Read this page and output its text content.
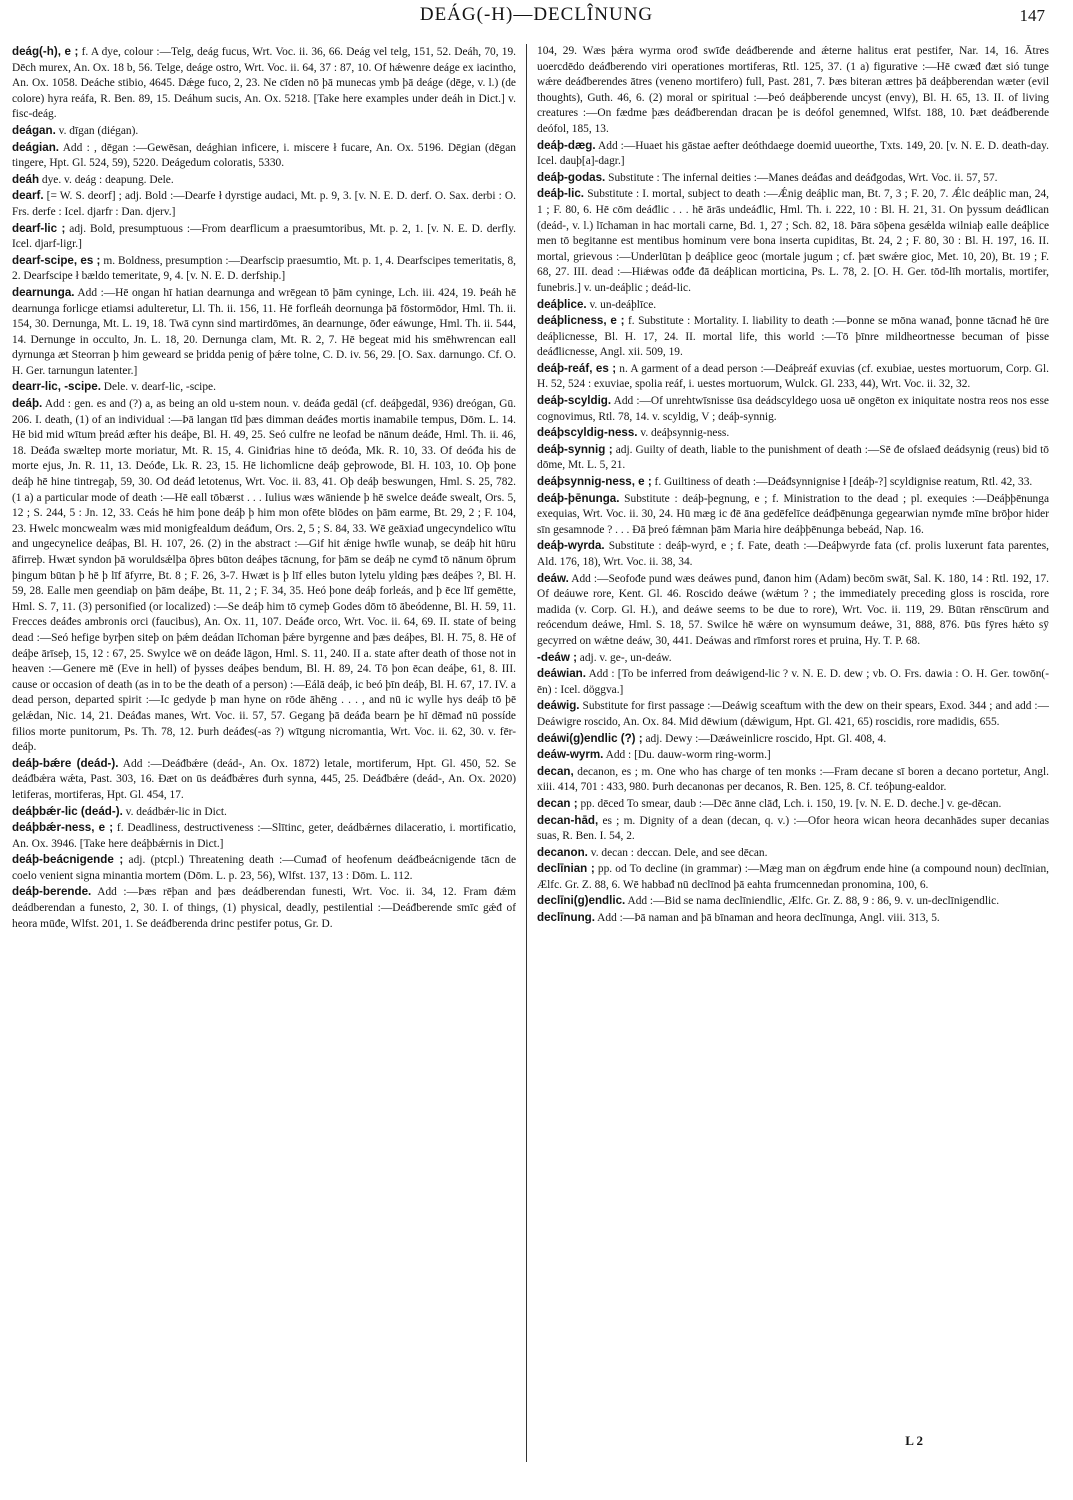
DEÁG(-H)—DECLÎNUNG	147

deág(-h), e ; f. A dye, colour :—Telg, deág fucus, Wrt. Voc. ii. 36, 66. Deág vel telg, 151, 52. Deáh, 70, 19. Dēch murex, An. Ox. 18 b, 56. Telge, deáge ostro, Wrt. Voc. ii. 64, 37 : 87, 10. Of hǽwenre deáge ex iacintho, An. Ox. 1058. Deáche stibio, 4645. Dǽge fuco, 2, 23. Ne cīden nō þā munecas ymb þā deáge (dēge, v. l.) (de colore) hyra reáfa, R. Ben. 89, 15. Deáhum sucis, An. Ox. 5218. [Take here examples under deáh in Dict.] v. fisc-deág.

deágan. v. dīgan (diégan).

deágian. Add : , dēgan :—Gewēsan, deághian inficere, i. miscere ł fucare, An. Ox. 5196. Dēgian (dēgan tingere, Hpt. Gl. 524, 59), 5220. Deágedum coloratis, 5330.

deáh dye. v. deág : deapung. Dele.

dearf. [= W. S. deorf] ; adj. Bold :—Dearfe ł dyrstige audaci, Mt. p. 9, 3. [v. N. E. D. derf. O. Sax. derbi : O. Frs. derfe : Icel. djarfr : Dan. djerv.]

dearf-lic ; adj. Bold, presumptuous :—From dearflicum a praesumtoribus, Mt. p. 2, 1. [v. N. E. D. derfly. Icel. djarf-ligr.]

dearf-scipe, es ; m. Boldness, presumption :—Dearfscip praesumtio, Mt. p. 1, 4. Dearfscipes temeritatis, 8, 2. Dearfscipe ł bældo temeritate, 9, 4. [v. N. E. D. derfship.]

dearnunga. Add :—Hē ongan hī hatian dearnunga and wrēgean tō þām cyninge, Lch. iii. 424, 19. Þeáh hē dearnunga forlicge etiamsi adulteretur, Ll. Th. ii. 156, 11. Hē forfleáh deornunga þā fōstormōdor, Hml. Th. ii. 154, 30. Dernunga, Mt. L. 19, 18. Twā cynn sind martirdōmes, ān dearnunge, ōđer eáwunge, Hml. Th. ii. 544, 14. Dernunge in occulto, Jn. L. 18, 20. Dernunga clam, Mt. R. 2, 7. Hē begeat mid his smēhwrencan eall dyrnunga æt Steorran þ him geweard se þridda penig of þǽre tolne, C. D. iv. 56, 29. [O. Sax. darnungo. Cf. O. H. Ger. tarnungun latenter.]

dearr-lic, -scipe. Dele. v. dearf-lic, -scipe.

deáþ. Add : gen. es and (?) a, as being an old u-stem noun. v. deáđa gedāl (cf. deáþgedāl, 936) dreógan, Gū. 206. I. death, (1) of an individual :—Þā langan tīd þæs dimman deáđes mortis inamabile tempus, Dōm. L. 14. Hē bid mid wītum þreád æfter his deáþe, Bl. H. 49, 25. Seó culfre ne leofad be nānum deáđe, Hml. Th. ii. 46, 18. Deáđa swæltep morte moriatur, Mt. R. 15, 4. Giniđrias hine tō deóđa, Mk. R. 10, 33. Of deóđa his de morte ejus, Jn. R. 11, 13. Deóđe, Lk. R. 23, 15. Hē lichomlicne deáþ geþrowode, Bl. H. 103, 10. Oþ þone deáþ hē hine tintregaþ, 59, 30. Ođ deáđ letotenus, Wrt. Voc. ii. 83, 41. Oþ deáþ beswungen, Hml. S. 25, 782. (1 a) a particular mode of death :—Hē eall tōbærst . . . Iulius wæs wāniende þ hē swelce deáđe swealt, Ors. 5, 12 ; S. 244, 5 : Jn. 12, 33. Ceás hē him þone deáþ þ him mon ofēte blōdes on þām earme, Bt. 29, 2 ; F. 104, 23. Hwelc moncwealm wæs mid monigfealdum deáđum, Ors. 2, 5 ; S. 84, 33. Wē geāxiađ ungecyndelico wītu and ungecynelice deáþas, Bl. H. 107, 26. (2) in the abstract :—Gif hit ǽnige hwīle wunaþ, se deáþ hit hūru āfirreþ. Hwæt syndon þā woruldsǽlþa ōþres būton deáþes tācnung, for þām se deáþ ne cymđ tō nānum ōþrum þingum būtan þ hē þ līf āfyrre, Bt. 8 ; F. 26, 3-7. Hwæt is þ līf elles buton lytelu ylding þæs deáþes ?, Bl. H. 59, 28. Ealle men geendiaþ on þām deáþe, Bt. 11, 2 ; F. 34, 35. Heó þone deáþ forleás, and þ ēce līf gemētte, Hml. S. 7, 11. (3) personified (or localized) :—Se deáþ him tō cymeþ Godes dōm tō ābeódenne, Bl. H. 59, 11. Frecces deáđes ambronis orci (faucibus), An. Ox. 11, 107. Deáđe orco, Wrt. Voc. ii. 64, 69. II. state of being dead :—Seó hefige byrþen siteþ on þǽm deádan līchoman þǽre byrgenne and þæs deáþes, Bl. H. 75, 8. Hē of deáþe ārīseþ, 15, 12 : 67, 25. Swylce wē on deáđe lāgon, Hml. S. 11, 240. II a. state after death of those not in heaven :—Genere mē (Eve in hell) of þysses deáþes bendum, Bl. H. 89, 24. Tō þon ēcan deáþe, 61, 8. III. cause or occasion of death (as in to be the death of a person) :—Eálā deáþ, ic beó þīn deáþ, Bl. H. 67, 17. IV. a dead person, departed spirit :—Ic gedyde þ man hyne on rōde āhēng . . . , and nū ic wylle hys deáþ tō þē gelǽdan, Nic. 14, 21. Deáđas manes, Wrt. Voc. ii. 57, 57. Gegang þā deáđa bearn þe hī dēmađ nū possíde filios morte punitorum, Ps. Th. 78, 12. Þurh deáđes(-as ?) wītgung nicromantia, Wrt. Voc. ii. 62, 30. v. fēr-deáþ.

deáþ-bǽre (deád-). Add :—Deáđbǽre (deád-, An. Ox. 1872) letale, mortiferum, Hpt. Gl. 450, 52. Se deáđbǽra wǽta, Past. 303, 16. Đæt on ūs deáđbǽres đurh synna, 445, 25. Deáđbǽre (deád-, An. Ox. 2020) letiferas, mortiferas, Hpt. Gl. 454, 17.

deáþbǽr-lic (deád-). v. deádbǽr-lic in Dict.

deáþbǽr-ness, e ; f. Deadliness, destructiveness :—Slītinc, geter, deádbǽrnes dilaceratio, i. mortificatio, An. Ox. 3946. [Take here deáþbǽrnis in Dict.]

deáþ-beácnigende ; adj. (ptcpl.) Threatening death :—Cumađ of heofenum deáđbeácnigende tācn de coelo venient signa minantia mortem (Dōm. L. p. 23, 56), Wlfst. 137, 13 : Dōm. L. 112.

deáþ-berende. Add :—Þæs rēþan and þæs deádberendan funesti, Wrt. Voc. ii. 34, 12. Fram đǽm deádberendan a funesto, 2, 30. I. of things, (1) physical, deadly, pestilential :—Deáđberende smīc gǽđ of heora mūđe, Wlfst. 201, 1. Se deáđberenda drinc pestifer potus, Gr. D.

104, 29. Wæs þǽra wyrma orođ swīđe deáđberende and ǽterne halitus erat pestifer, Nar. 14, 16. Ātres uoercdēdo deáđberendo viri operationes mortiferas, Rtl. 125, 37. (1 a) figurative :—Hē cwæđ đæt sió tunge wǽre deáđberendes ātres (veneno mortifero) full, Past. 281, 7. Þæs biteran ættres þā deáþberendan wæter (evil thoughts), Guth. 46, 6. (2) moral or spiritual :—Þeó deáþberende uncyst (envy), Bl. H. 65, 13. II. of living creatures :—On fædme þæs deáđberendan dracan þe is deófol genemned, Wlfst. 188, 10. Þæt deáđberende deófol, 185, 13.

deáþ-dæg. Add :—Huaet his gāstae aefter deóthdaege doemid uueorthe, Txts. 149, 20. [v. N. E. D. death-day. Icel. dauþ[a]-dagr.]

deáþ-godas. Substitute : The infernal deities :—Manes deáđas and deáđgodas, Wrt. Voc. ii. 57, 57.

deáþ-lic. Substitute : I. mortal, subject to death :—Ǽnig deáþlic man, Bt. 7, 3 ; F. 20, 7. Ǽlc deáþlic man, 24, 1 ; F. 80, 6. Hē cōm deáđlic . . . hē ārās undeáđlic, Hml. Th. i. 222, 10 : Bl. H. 21, 31. On þyssum deáđlican (deád-, v. l.) līchaman in hac mortali carne, Bd. 1, 27 ; Sch. 82, 18. Þāra sōþena gesǽlda wilniaþ ealle deáþlice men tō begitanne est mentibus hominum vere bona inserta cupiditas, Bt. 24, 2 ; F. 80, 30 : Bl. H. 197, 16. II. mortal, grievous :—Underlūtan þ deáþlice geoc (mortale jugum ; cf. þæt swǽre gioc, Met. 10, 20), Bt. 19 ; F. 68, 27. III. dead :—Hiǽwas ođđe đā deáþlican morticina, Ps. L. 78, 2. [O. H. Ger. tōd-līh mortalis, mortifer, funebris.] v. un-deáþlic ; deád-lic.

deáþlice. v. un-deáþlīce.

deáþlicness, e ; f. Substitute : Mortality. I. liability to death :—Þonne se mōna wanađ, þonne tācnađ hē ūre deáþlicnesse, Bl. H. 17, 24. II. mortal life, this world :—Tō þīnre mildheortnesse becuman of þisse deáđlicnesse, Angl. xii. 509, 19.

deáþ-reáf, es ; n. A garment of a dead person :—Deáþreáf exuvias (cf. exubiae, uestes mortuorum, Corp. Gl. H. 52, 524 : exuviae, spolia reáf, i. uestes mortuorum, Wulck. Gl. 233, 44), Wrt. Voc. ii. 32, 32.

deáþ-scyldig. Add :—Of unrehtwīsnisse ūsa deádscyldego uosa uē ongēton ex iniquitate nostra reos nos esse cognovimus, Rtl. 78, 14. v. scyldig, V ; deáþ-synnig.

deáþscyldig-ness. v. deáþsynnig-ness.

deáþ-synnig ; adj. Guilty of death, liable to the punishment of death :—Sē đe ofslaeđ deádsynig (reus) bid tō dōme, Mt. L. 5, 21.

deáþsynnig-ness, e ; f. Guiltiness of death :—Deáđsynnignise ł [deáþ-?] scyldignise reatum, Rtl. 42, 33.

deáþ-þēnunga. Substitute : deáþ-þegnung, e ; f. Ministration to the dead ; pl. exequies :—Deáþþēnunga exequias, Wrt. Voc. ii. 30, 24. Hū mæg ic đē āna gedēfelīce deáđþēnunga gegearwian nymđe mīne brōþor hider sīn gesamnode ? . . . Đā þreó fǽmnan þām Maria hire deáþþēnunga bebeád, Nap. 16.

deáþ-wyrda. Substitute : deáþ-wyrd, e ; f. Fate, death :—Deáþwyrde fata (cf. prolis luxerunt fata parentes, Ald. 176, 18), Wrt. Voc. ii. 38, 34.

deáw. Add :—Seofođe pund wæs deáwes pund, đanon him (Adam) becōm swāt, Sal. K. 180, 14 : Rtl. 192, 17. Of deáuwe rore, Kent. Gl. 46. Roscido deáwe (wǽtum ? ; the immediately preceding gloss is roscida, rore madida (v. Corp. Gl. H.), and deáwe seems to be due to rore), Wrt. Voc. ii. 119, 29. Būtan rēnscūrum and reócendum deáwe, Hml. S. 18, 57. Swilce hē wǽre on wynsumum deáwe, 31, 888, 876. Þūs fȳres hǽto sȳ gecyrred on wǽtne deáw, 30, 441. Deáwas and rīmforst rores et pruina, Hy. T. P. 68.

-deáw ; adj. v. ge-, un-deáw.

deáwian. Add : [To be inferred from deáwigend-lic ? v. N. E. D. dew ; vb. O. Frs. dawia : O. H. Ger. towōn(-ēn) : Icel. döggva.]

deáwig. Substitute for first passage :—Deáwig sceaftum with the dew on their spears, Exod. 344 ; and add :—Deáwigre roscido, An. Ox. 84. Mid dēwium (dǽwigum, Hpt. Gl. 421, 65) roscidis, rore madidis, 655.

deáwi(g)endlic (?) ; adj. Dewy :—Dæáweinlicre roscido, Hpt. Gl. 408, 4.

deáw-wyrm. Add : [Du. dauw-worm ring-worm.]

decan, decanon, es ; m. One who has charge of ten monks :—Fram decane sī boren a decano portetur, Angl. xiii. 414, 701 : 433, 980. Þurh decanonas per decanos, R. Ben. 125, 8. Cf. teóþung-ealdor.

decan ; pp. dēced To smear, daub :—Dēc ānne clāđ, Lch. i. 150, 19. [v. N. E. D. deche.] v. ge-dēcan.

decan-hād, es ; m. Dignity of a dean (decan, q. v.) :—Ofor heora wican heora decanhādes super decanias suas, R. Ben. I. 54, 2.

decanon. v. decan : deccan. Dele, and see dēcan.

declīnian ; pp. od To decline (in grammar) :—Mæg man on ǽgđrum ende hine (a compound noun) declīnian, Ælfc. Gr. Z. 88, 6. Wē habbađ nū declīnod þā eahta frumcennedan pronomina, 100, 6.

declīni(g)endlic. Add :—Bid se nama declīniendlic, Ælfc. Gr. Z. 88, 9 : 86, 9. v. un-declīnigendlic.

declīnung. Add :—Þā naman and þā bīnaman and heora declīnunga, Angl. viii. 313, 5.

L 2
